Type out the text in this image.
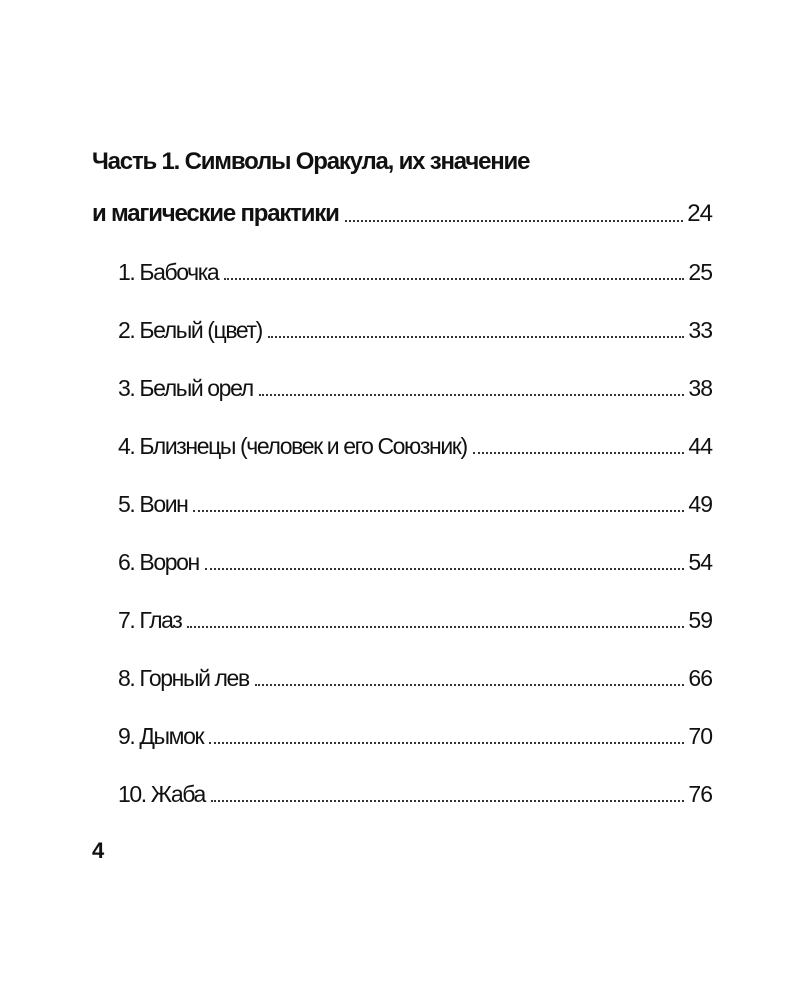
Часть 1. Символы Оракула, их значение
и магические практики	24
1. Бабочка	25
2. Белый (цвет)	33
3. Белый орел	38
4. Близнецы (человек и его Союзник)	44
5. Воин	49
6. Ворон	54
7. Глаз	59
8. Горный лев	66
9. Дымок	70
10. Жаба	76
4
